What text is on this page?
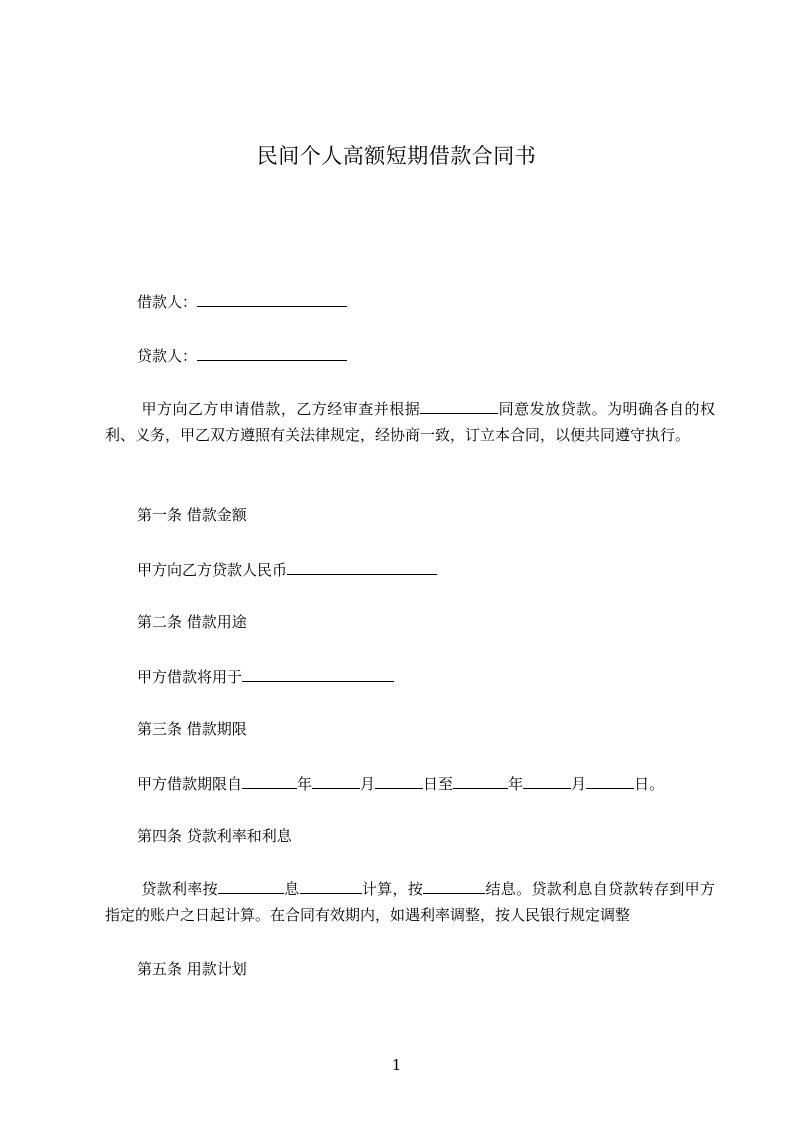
民间个人高额短期借款合同书
借款人：
贷款人：
甲方向乙方申请借款，乙方经审查并根据	同意发放贷款。为明确各自的权利、义务，甲乙双方遵照有关法律规定，经协商一致，订立本合同，以便共同遵守执行。
第一条 借款金额
甲方向乙方贷款人民币
第二条 借款用途
甲方借款将用于
第三条 借款期限
甲方借款期限自	年	月	日至	年	月	日。
第四条 贷款利率和利息
贷款利率按	息	计算，按	结息。贷款利息自贷款转存到甲方指定的账户之日起计算。在合同有效期内，如遇利率调整，按人民银行规定调整
第五条 用款计划
1
